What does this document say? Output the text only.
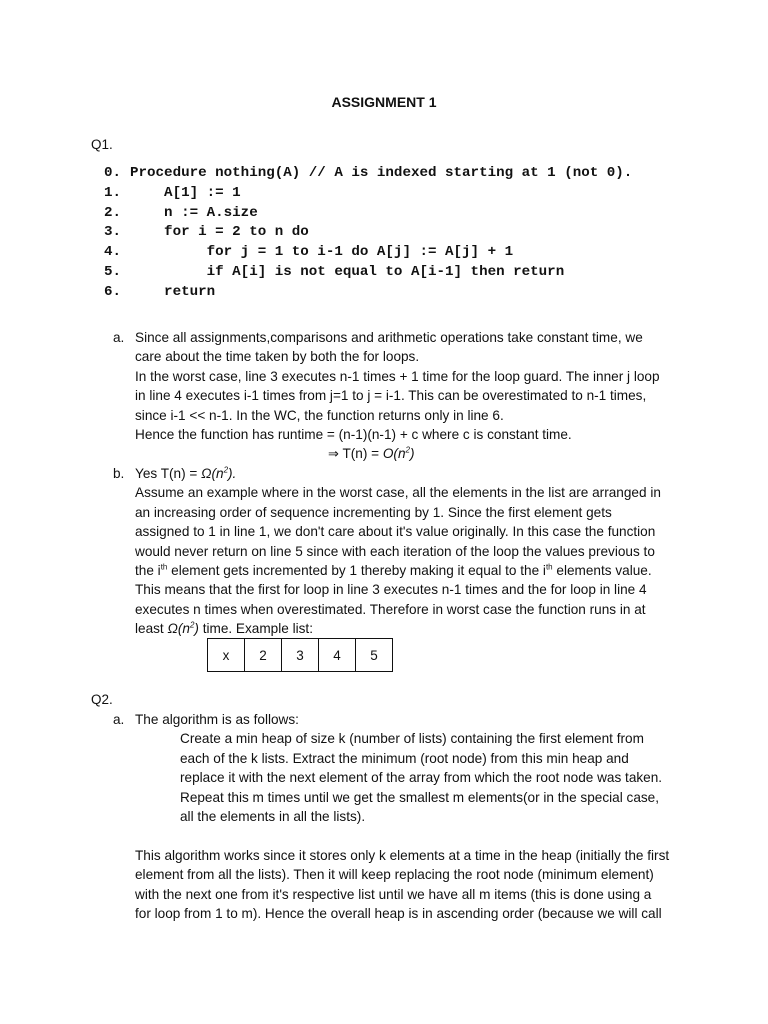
ASSIGNMENT 1
Q1.
0. Procedure nothing(A) // A is indexed starting at 1 (not 0).
1.    A[1] := 1
2.    n := A.size
3.    for i = 2 to n do
4.         for j = 1 to i-1 do A[j] := A[j] + 1
5.         if A[i] is not equal to A[i-1] then return
6.    return
a. Since all assignments,comparisons and arithmetic operations take constant time, we
care about the time taken by both the for loops.
In the worst case, line 3 executes n-1 times + 1 time for the loop guard. The inner j loop
in line 4 executes i-1 times from j=1 to j = i-1. This can be overestimated to n-1 times,
since i-1 << n-1. In the WC, the function returns only in line 6.
Hence the function has runtime = (n-1)(n-1) + c where c is constant time.
⇒ $T(n) = O(n^2)$
b. Yes $T(n) = \Omega(n^2)$.
Assume an example where in the worst case, all the elements in the list are arranged in
an increasing order of sequence incrementing by 1. Since the first element gets
assigned to 1 in line 1, we don't care about it's value originally. In this case the function
would never return on line 5 since with each iteration of the loop the values previous to
the $i^{th}$ element gets incremented by 1 thereby making it equal to the $i^{th}$ elements value.
This means that the first for loop in line 3 executes n-1 times and the for loop in line 4
executes n times when overestimated. Therefore in worst case the function runs in at
least $\Omega(n^2)$ time. Example list:
x	2	3	4	5
Q2.
a. The algorithm is as follows:
Create a min heap of size k (number of lists) containing the first element from
each of the k lists. Extract the minimum (root node) from this min heap and
replace it with the next element of the array from which the root node was taken.
Repeat this m times until we get the smallest m elements(or in the special case,
all the elements in all the lists).
This algorithm works since it stores only k elements at a time in the heap (initially the first
element from all the lists). Then it will keep replacing the root node (minimum element)
with the next one from it's respective list until we have all m items (this is done using a
for loop from 1 to m). Hence the overall heap is in ascending order (because we will call
